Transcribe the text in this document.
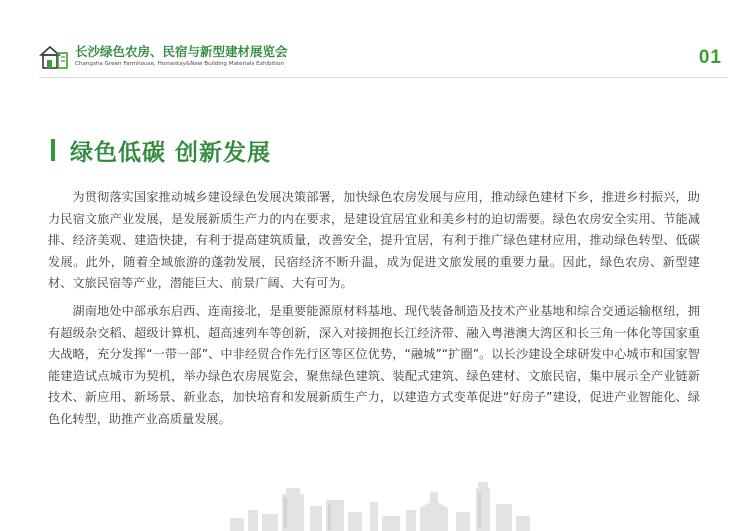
长沙绿色农房、民宿与新型建材展览会
Changsha Green Farmhouse, Homestay&New Building Materials Exhibition	01
绿色低碳 创新发展

为贯彻落实国家推动城乡建设绿色发展决策部署，加快绿色农房发展与应用，推动绿色建材下乡，推进乡村振兴，助力民宿文旅产业发展，是发展新质生产力的内在要求，是建设宜居宜业和美乡村的迫切需要。绿色农房安全实用、节能减排、经济美观、建造快捷，有利于提高建筑质量，改善安全，提升宜居，有利于推广绿色建材应用，推动绿色转型、低碳发展。此外，随着全域旅游的蓬勃发展，民宿经济不断升温，成为促进文旅发展的重要力量。因此，绿色农房、新型建材、文旅民宿等产业，潜能巨大、前景广阔、大有可为。

湖南地处中部承东启西、连南接北，是重要能源原材料基地、现代装备制造及技术产业基地和综合交通运输枢纽，拥有超级杂交稻、超级计算机、超高速列车等创新，深入对接拥抱长江经济带、融入粤港澳大湾区和长三角一体化等国家重大战略，充分发挥“一带一部”、中非经贸合作先行区等区位优势，“融城”“扩圈”。以长沙建设全球研发中心城市和国家智能建造试点城市为契机，举办绿色农房展览会，聚焦绿色建筑、装配式建筑、绿色建材、文旅民宿，集中展示全产业链新技术、新应用、新场景、新业态，加快培育和发展新质生产力，以建造方式变革促进“好房子”建设，促进产业智能化、绿色化转型，助推产业高质量发展。
